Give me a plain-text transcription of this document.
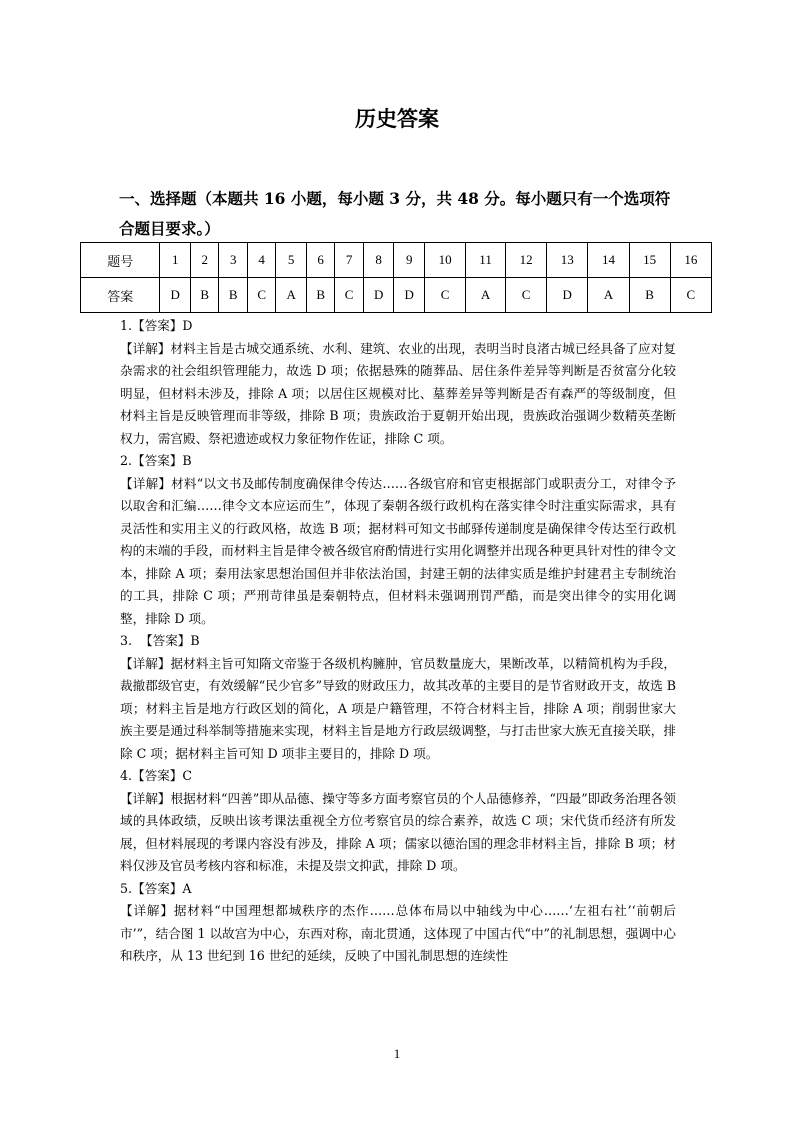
历史答案
一、选择题（本题共 16 小题，每小题 3 分，共 48 分。每小题只有一个选项符合题目要求。）
题号	1	2	3	4	5	6	7	8	9	10	11	12	13	14	15	16
答案	D	B	B	C	A	B	C	D	D	C	A	C	D	A	B	C

1.【答案】D

【详解】材料主旨是古城交通系统、水利、建筑、农业的出现，表明当时良渚古城已经具备了应对复杂需求的社会组织管理能力，故选 D 项；依据悬殊的随葬品、居住条件差异等判断是否贫富分化较明显，但材料未涉及，排除 A 项；以居住区规模对比、墓葬差异等判断是否有森严的等级制度，但材料主旨是反映管理而非等级，排除 B 项；贵族政治于夏朝开始出现，贵族政治强调少数精英垄断权力，需宫殿、祭祀遗迹或权力象征物作佐证，排除 C 项。

2.【答案】B

【详解】材料“以文书及邮传制度确保律令传达……各级官府和官吏根据部门或职责分工，对律令予以取舍和汇编……律令文本应运而生”，体现了秦朝各级行政机构在落实律令时注重实际需求，具有灵活性和实用主义的行政风格，故选 B 项；据材料可知文书邮驿传递制度是确保律令传达至行政机构的末端的手段，而材料主旨是律令被各级官府酌情进行实用化调整并出现各种更具针对性的律令文本，排除 A 项；秦用法家思想治国但并非依法治国，封建王朝的法律实质是维护封建君主专制统治的工具，排除 C 项；严刑苛律虽是秦朝特点，但材料未强调刑罚严酷，而是突出律令的实用化调整，排除 D 项。

3.  【答案】B

【详解】据材料主旨可知隋文帝鉴于各级机构臃肿，官员数量庞大，果断改革，以精简机构为手段，裁撤郡级官吏，有效缓解“民少官多”导致的财政压力，故其改革的主要目的是节省财政开支，故选 B 项；材料主旨是地方行政区划的简化，A 项是户籍管理，不符合材料主旨，排除 A 项；削弱世家大族主要是通过科举制等措施来实现，材料主旨是地方行政层级调整，与打击世家大族无直接关联，排除 C 项；据材料主旨可知 D 项非主要目的，排除 D 项。

4.【答案】C

【详解】根据材料“四善”即从品德、操守等多方面考察官员的个人品德修养，“四最”即政务治理各领域的具体政绩，反映出该考课法重视全方位考察官员的综合素养，故选 C 项；宋代货币经济有所发展，但材料展现的考课内容没有涉及，排除 A 项；儒家以德治国的理念非材料主旨，排除 B 项；材料仅涉及官员考核内容和标准，未提及崇文抑武，排除 D 项。

5.【答案】A

【详解】据材料“中国理想都城秩序的杰作……总体布局以中轴线为中心……‘左祖右社’‘前朝后市’”，结合图 1 以故宫为中心，东西对称，南北贯通，这体现了中国古代“中”的礼制思想，强调中心和秩序，从 13 世纪到 16 世纪的延续，反映了中国礼制思想的连续性

1
